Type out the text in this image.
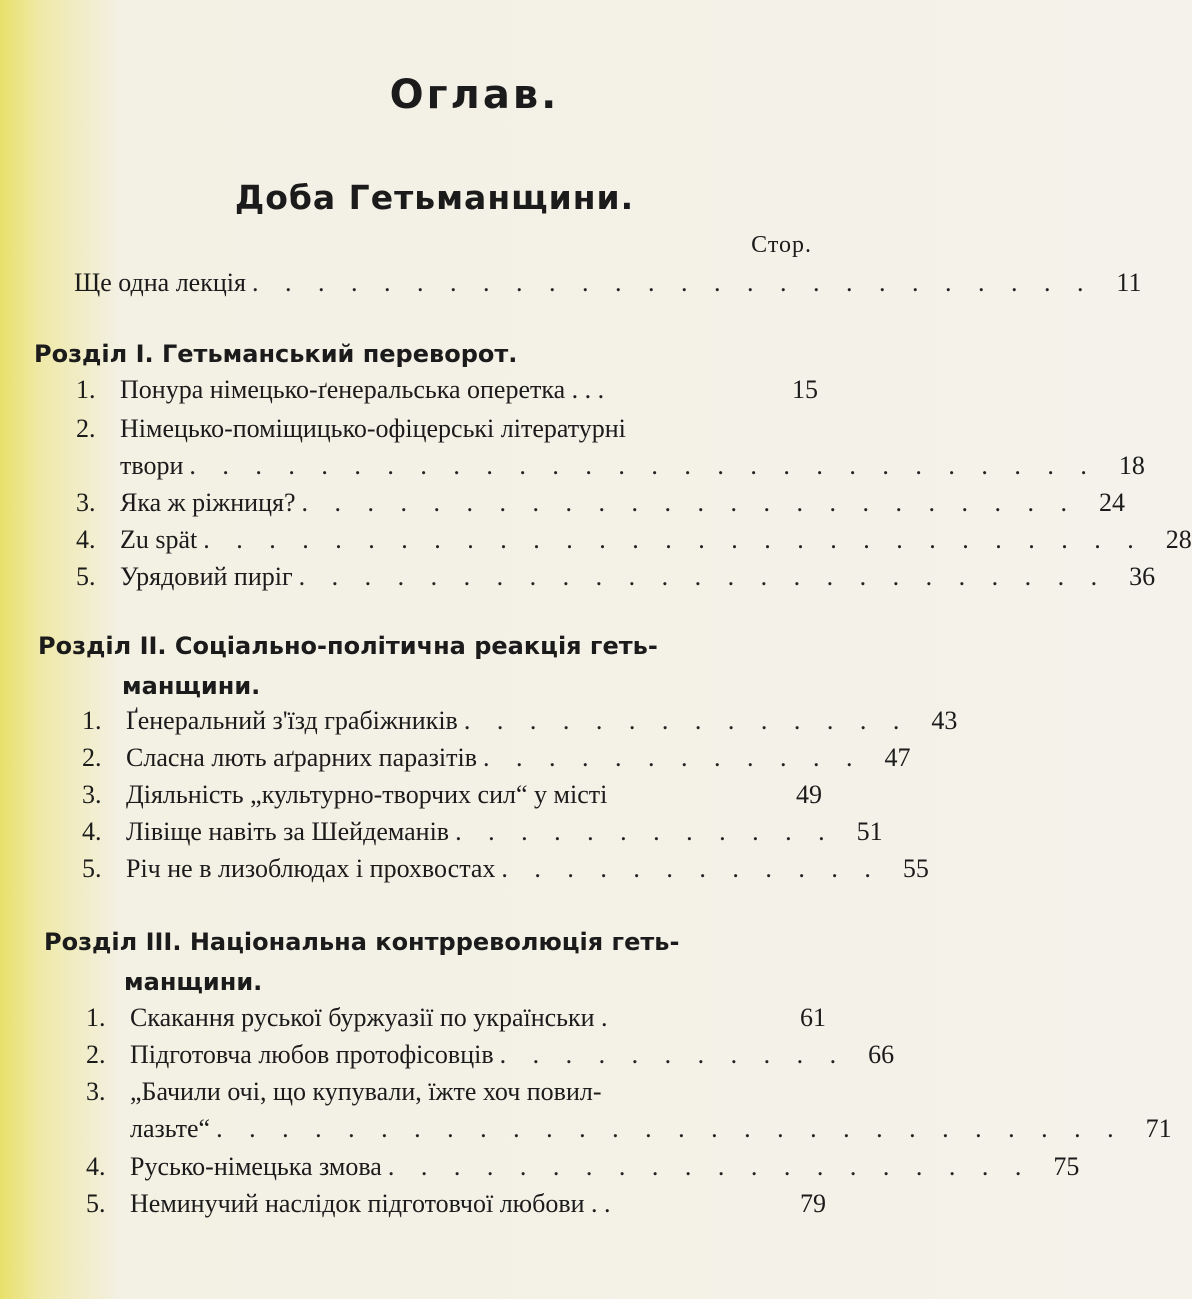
Оглав.
Доба Гетьманщини.
Стор.
Ще одна лекція . . . . . . . . . . . . . . . . . . . . . . . . . . 11
Розділ I. Гетьманський переворот.
1. Понура німецько-ґенеральська оперетка . . .	15
2. Німецько-поміщицько-офіцерські літературні
твори . . . . . . . . . . . . . . . . . . . . . . . . . . . . 18
3. Яка ж ріжниця? . . . . . . . . . . . . . . . . . . . . . . . . 24
4. Zu spät . . . . . . . . . . . . . . . . . . . . . . . . . . . . . 28
5. Урядовий пиріг . . . . . . . . . . . . . . . . . . . . . . . . . 36
Розділ II. Соціально-політична реакція геть-
манщини.
1. Ґенеральний з'їзд грабіжників . . . . . . . . . . . . . . 43
2. Сласна лють аґрарних паразітів . . . . . . . . . . . . 47
3. Діяльність „культурно-творчих сил“ у місті	49
4. Лівіще навіть за Шейдеманів . . . . . . . . . . . . 51
5. Річ не в лизоблюдах і прохвостах . . . . . . . . . . . . 55
Розділ III. Національна контрреволюція геть-
манщини.
1. Скакання руської буржуазії по українськи .	61
2. Підготовча любов протофісовців . . . . . . . . . . . 66
3. „Бачили очі, що купували, їжте хоч повил-
лазьте“ . . . . . . . . . . . . . . . . . . . . . . . . . . . . 71
4. Русько-німецька змова . . . . . . . . . . . . . . . . . . . . 75
5. Неминучий наслідок підготовчої любови . .	79
